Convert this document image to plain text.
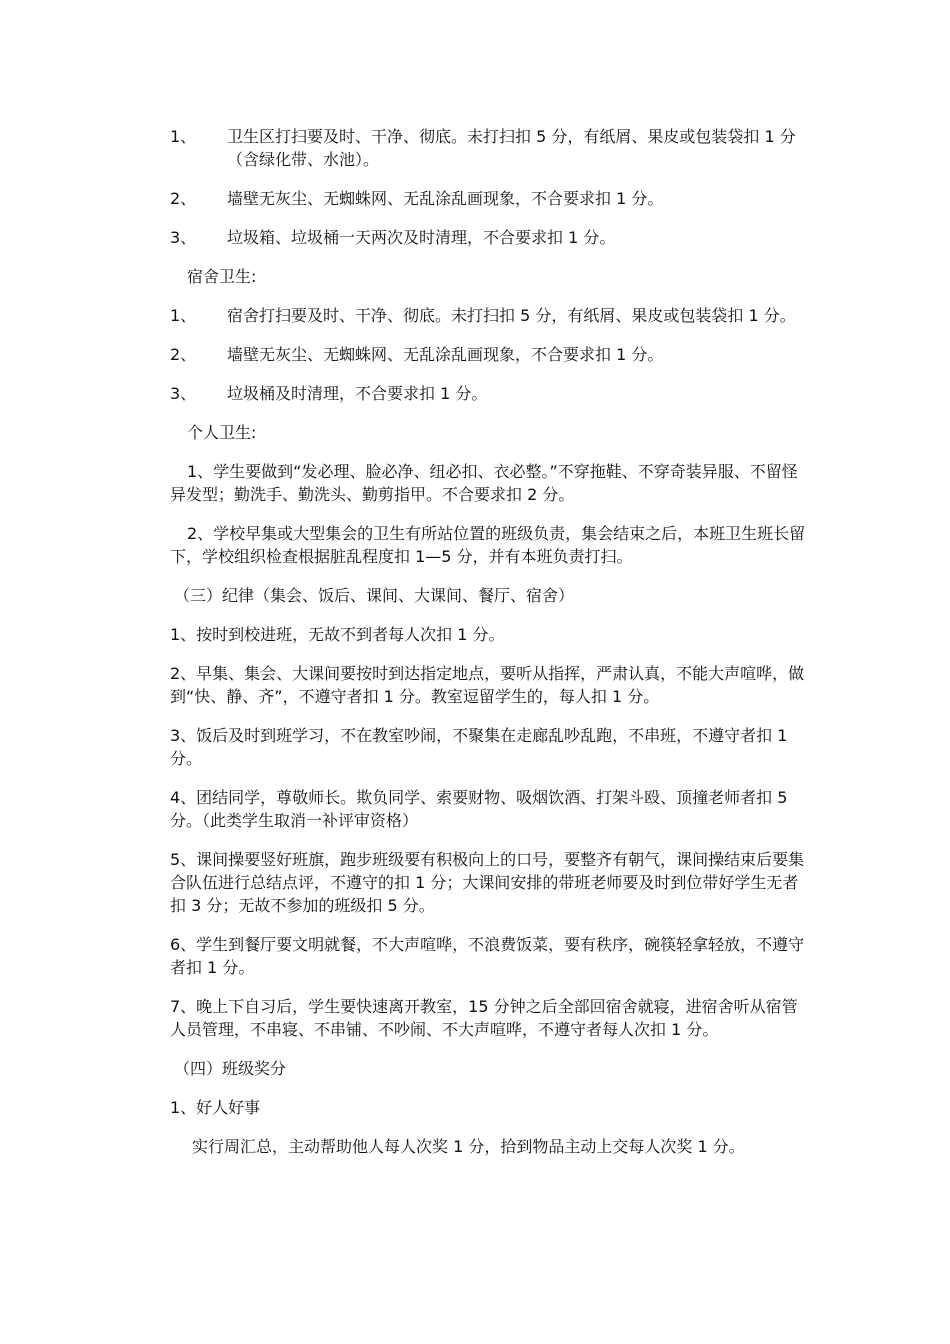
1、	卫生区打扫要及时、干净、彻底。未打扫扣 5 分，有纸屑、果皮或包装袋扣 1 分（含绿化带、水池）。
2、	墙壁无灰尘、无蜘蛛网、无乱涂乱画现象，不合要求扣 1 分。
3、	垃圾箱、垃圾桶一天两次及时清理，不合要求扣 1 分。
宿舍卫生:
1、	宿舍打扫要及时、干净、彻底。未打扫扣 5 分，有纸屑、果皮或包装袋扣 1 分。
2、	墙壁无灰尘、无蜘蛛网、无乱涂乱画现象，不合要求扣 1 分。
3、	垃圾桶及时清理，不合要求扣 1 分。
个人卫生:
1、学生要做到“发必理、脸必净、纽必扣、衣必整。”不穿拖鞋、不穿奇装异服、不留怪异发型；勤洗手、勤洗头、勤剪指甲。不合要求扣 2 分。
2、学校早集或大型集会的卫生有所站位置的班级负责，集会结束之后，本班卫生班长留下，学校组织检查根据脏乱程度扣 1—5 分，并有本班负责打扫。
（三）纪律（集会、饭后、课间、大课间、餐厅、宿舍）
1、按时到校进班，无故不到者每人次扣 1 分。
2、早集、集会、大课间要按时到达指定地点，要听从指挥，严肃认真，不能大声喧哗，做到“快、静、齐”，不遵守者扣 1 分。教室逗留学生的，每人扣 1 分。
3、饭后及时到班学习，不在教室吵闹，不聚集在走廊乱吵乱跑，不串班，不遵守者扣 1 分。
4、团结同学，尊敬师长。欺负同学、索要财物、吸烟饮酒、打架斗殴、顶撞老师者扣 5 分。（此类学生取消一补评审资格）
5、课间操要竖好班旗，跑步班级要有积极向上的口号，要整齐有朝气，课间操结束后要集合队伍进行总结点评，不遵守的扣 1 分；大课间安排的带班老师要及时到位带好学生无者扣 3 分；无故不参加的班级扣 5 分。
6、学生到餐厅要文明就餐，不大声喧哗，不浪费饭菜，要有秩序，碗筷轻拿轻放，不遵守者扣 1 分。
7、晚上下自习后，学生要快速离开教室，15 分钟之后全部回宿舍就寝，进宿舍听从宿管人员管理，不串寝、不串铺、不吵闹、不大声喧哗，不遵守者每人次扣 1 分。
（四）班级奖分
1、好人好事
实行周汇总，主动帮助他人每人次奖 1 分，拾到物品主动上交每人次奖 1 分。
